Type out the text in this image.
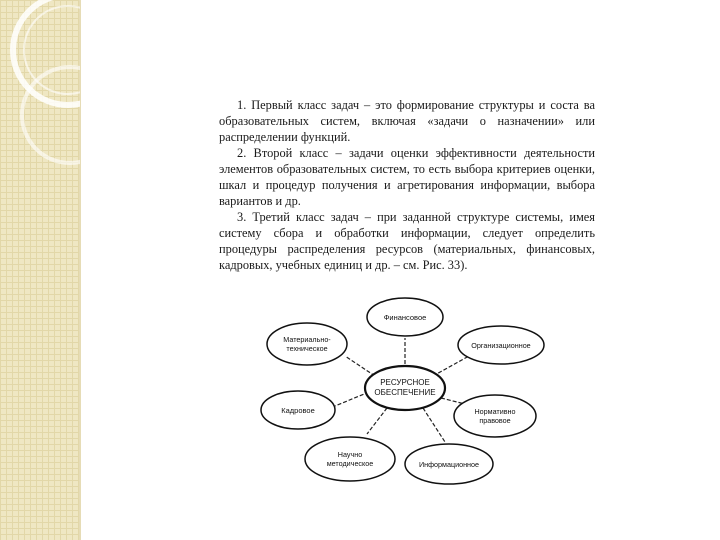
1. Первый класс задач – это формирование структуры и соста ва образовательных систем, включая «задачи о назначении» или распределении функций.

2. Второй класс – задачи оценки эффективности деятельности элементов образовательных систем, то есть выбора критериев оценки, шкал и процедур получения и агретирования информации, выбора вариантов и др.

3. Третий класс задач – при заданной структуре системы, имея систему сбора и обработки информации, следует определить процедуры распределения ресурсов (материальных, финансовых, кадровых, учебных единиц и др. – см. Рис. 33).

РЕСУРСНОЕ
ОБЕСПЕЧЕНИЕ
Финансовое
Организационное
Нормативно
правовое
Информационное
Научно
методическое
Кадровое
Материально-
техническое
